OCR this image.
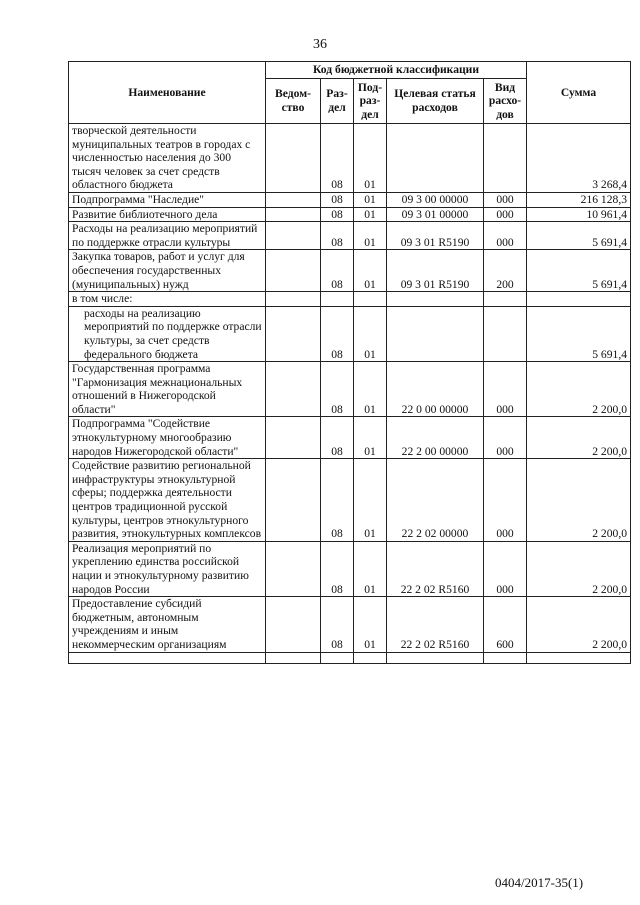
36
Наименование	Код бюджетной классификации					Сумма
	Ведом-ство	Раз-дел	Под-раз-дел	Целевая статья расходов	Вид расхо-дов	
творческой деятельности муниципальных театров в городах с численностью населения до 300 тысяч человек за счет средств областного бюджета		08	01			3 268,4
Подпрограмма "Наследие"		08	01	09 3 00 00000	000	216 128,3
Развитие библиотечного дела		08	01	09 3 01 00000	000	10 961,4
Расходы на реализацию мероприятий по поддержке отрасли культуры		08	01	09 3 01 R5190	000	5 691,4
Закупка товаров, работ и услуг для обеспечения государственных (муниципальных) нужд		08	01	09 3 01 R5190	200	5 691,4
в том числе:						

расходы на реализацию мероприятий по поддержке отрасли культуры, за счет средств федерального бюджета		08	01			5 691,4
Государственная программа "Гармонизация межнациональных отношений в Нижегородской области"		08	01	22 0 00 00000	000	2 200,0
Подпрограмма "Содействие этнокультурному многообразию народов Нижегородской области"		08	01	22 2 00 00000	000	2 200,0
Содействие развитию региональной инфраструктуры этнокультурной сферы; поддержка деятельности центров традиционной русской культуры, центров этнокультурного развития, этнокультурных комплексов		08	01	22 2 02 00000	000	2 200,0
Реализация мероприятий по укреплению единства российской нации и этнокультурному развитию народов России		08	01	22 2 02 R5160	000	2 200,0
Предоставление субсидий бюджетным, автономным учреждениям и иным некоммерческим организациям		08	01	22 2 02 R5160	600	2 200,0

0404/2017-35(1)
